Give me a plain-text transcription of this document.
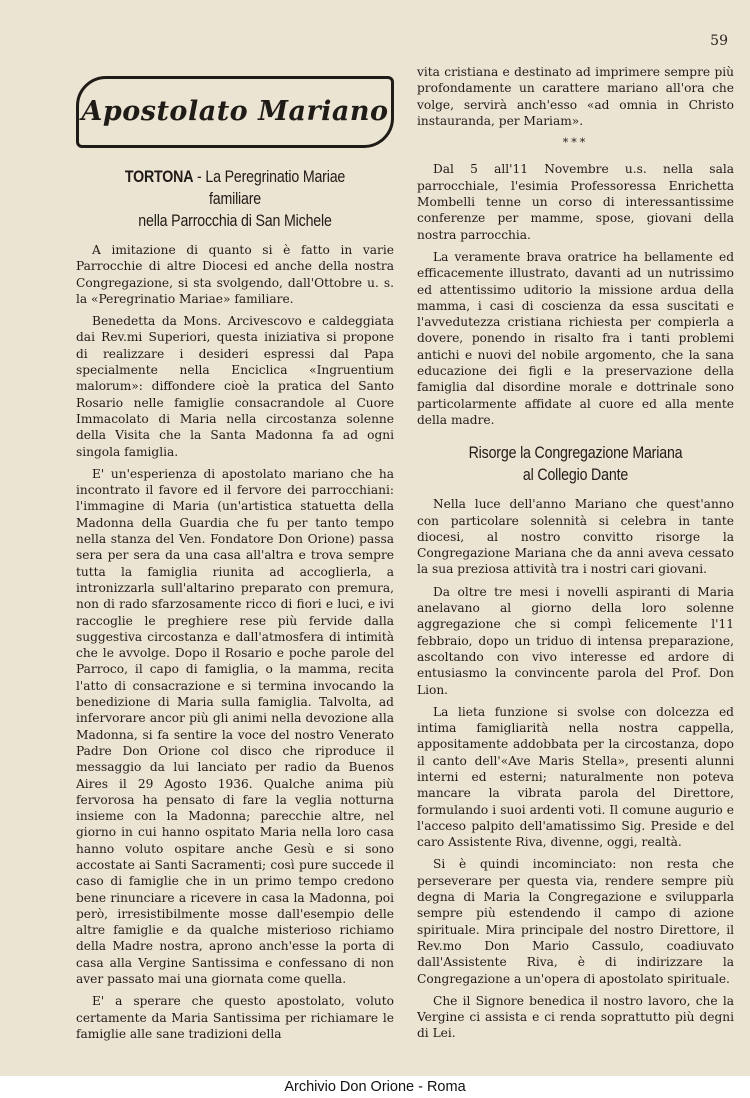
59
Apostolato Mariano
TORTONA - La Peregrinatio Mariae familiare
nella Parrocchia di San Michele

A imitazione di quanto si è fatto in varie Parrocchie di altre Diocesi ed anche della nostra Congregazione, si sta svolgendo, dall'Ottobre u. s. la «Peregrinatio Mariae» familiare.

Benedetta da Mons. Arcivescovo e caldeggiata dai Rev.mi Superiori, questa iniziativa si propone di realizzare i desideri espressi dal Papa specialmente nella Enciclica «Ingruentium malorum»: diffondere cioè la pratica del Santo Rosario nelle famiglie consacrandole al Cuore Immacolato di Maria nella circostanza solenne della Visita che la Santa Madonna fa ad ogni singola famiglia.

E' un'esperienza di apostolato mariano che ha incontrato il favore ed il fervore dei parrocchiani: l'immagine di Maria (un'artistica statuetta della Madonna della Guardia che fu per tanto tempo nella stanza del Ven. Fondatore Don Orione) passa sera per sera da una casa all'altra e trova sempre tutta la famiglia riunita ad accoglierla, a intronizzarla sull'altarino preparato con premura, non di rado sfarzosamente ricco di fiori e luci, e ivi raccoglie le preghiere rese più fervide dalla suggestiva circostanza e dall'atmosfera di intimità che le avvolge. Dopo il Rosario e poche parole del Parroco, il capo di famiglia, o la mamma, recita l'atto di consacrazione e si termina invocando la benedizione di Maria sulla famiglia. Talvolta, ad infervorare ancor più gli animi nella devozione alla Madonna, si fa sentire la voce del nostro Venerato Padre Don Orione col disco che riproduce il messaggio da lui lanciato per radio da Buenos Aires il 29 Agosto 1936. Qualche anima più fervorosa ha pensato di fare la veglia notturna insieme con la Madonna; parecchie altre, nel giorno in cui hanno ospitato Maria nella loro casa hanno voluto ospitare anche Gesù e si sono accostate ai Santi Sacramenti; così pure succede il caso di famiglie che in un primo tempo credono bene rinunciare a ricevere in casa la Madonna, poi però, irresistibilmente mosse dall'esempio delle altre famiglie e da qualche misterioso richiamo della Madre nostra, aprono anch'esse la porta di casa alla Vergine Santissima e confessano di non aver passato mai una giornata come quella.

E' a sperare che questo apostolato, voluto certamente da Maria Santissima per richiamare le famiglie alle sane tradizioni della

vita cristiana e destinato ad imprimere sempre più profondamente un carattere mariano all'ora che volge, servirà anch'esso «ad omnia in Christo instauranda, per Mariam».

***

Dal 5 all'11 Novembre u.s. nella sala parrocchiale, l'esimia Professoressa Enrichetta Mombelli tenne un corso di interessantissime conferenze per mamme, spose, giovani della nostra parrocchia.

La veramente brava oratrice ha bellamente ed efficacemente illustrato, davanti ad un nutrissimo ed attentissimo uditorio la missione ardua della mamma, i casi di coscienza da essa suscitati e l'avvedutezza cristiana richiesta per compierla a dovere, ponendo in risalto fra i tanti problemi antichi e nuovi del nobile argomento, che la sana educazione dei figli e la preservazione della famiglia dal disordine morale e dottrinale sono particolarmente affidate al cuore ed alla mente della madre.

Risorge la Congregazione Mariana
al Collegio Dante

Nella luce dell'anno Mariano che quest'anno con particolare solennità si celebra in tante diocesi, al nostro convitto risorge la Congregazione Mariana che da anni aveva cessato la sua preziosa attività tra i nostri cari giovani.

Da oltre tre mesi i novelli aspiranti di Maria anelavano al giorno della loro solenne aggregazione che si compì felicemente l'11 febbraio, dopo un triduo di intensa preparazione, ascoltando con vivo interesse ed ardore di entusiasmo la convincente parola del Prof. Don Lion.

La lieta funzione si svolse con dolcezza ed intima famigliarità nella nostra cappella, appositamente addobbata per la circostanza, dopo il canto dell'«Ave Maris Stella», presenti alunni interni ed esterni; naturalmente non poteva mancare la vibrata parola del Direttore, formulando i suoi ardenti voti. Il comune augurio e l'acceso palpito dell'amatissimo Sig. Preside e del caro Assistente Riva, divenne, oggi, realtà.

Si è quindi incominciato: non resta che perseverare per questa via, rendere sempre più degna di Maria la Congregazione e svilupparla sempre più estendendo il campo di azione spirituale. Mira principale del nostro Direttore, il Rev.mo Don Mario Cassulo, coadiuvato dall'Assistente Riva, è di indirizzare la Congregazione a un'opera di apostolato spirituale.

Che il Signore benedica il nostro lavoro, che la Vergine ci assista e ci renda soprattutto più degni di Lei.

Archivio Don Orione - Roma
